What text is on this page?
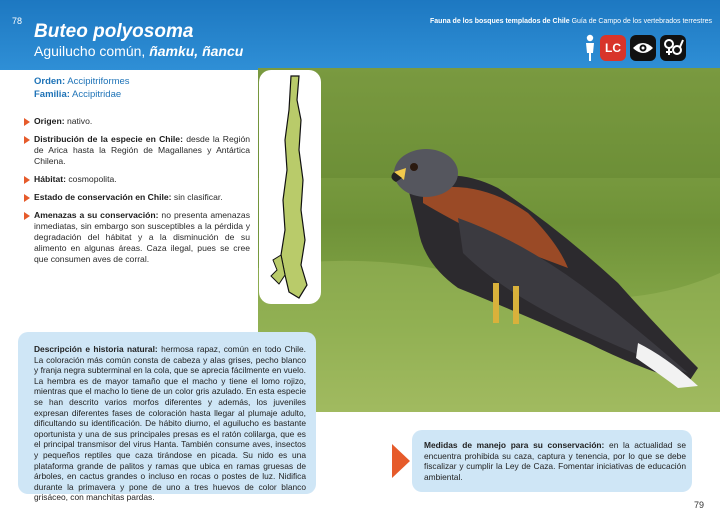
78 Buteo polyosoma
Aguilucho común, ñamku, ñancu
Fauna de los bosques templados de Chile Guía de Campo de los vertebrados terrestres
LC
Orden: Accipitriformes
Familia: Accipitridae
Origen: nativo.
Distribución de la especie en Chile: desde la Región de Arica hasta la Región de Magallanes y Antártica Chilena.
Hábitat: cosmopolita.
Estado de conservación en Chile: sin clasificar.
Amenazas a su conservación: no presenta amenazas inmediatas, sin embargo son susceptibles a la pérdida y degradación del hábitat y a la disminución de su alimento en algunas áreas. Caza ilegal, pues se cree que consumen aves de corral.
Descripción e historia natural: hermosa rapaz, común en todo Chile. La coloración más común consta de cabeza y alas grises, pecho blanco y franja negra subterminal en la cola, que se aprecia fácilmente en vuelo. La hembra es de mayor tamaño que el macho y tiene el lomo rojizo, mientras que el macho lo tiene de un color gris azulado. En esta especie se han descrito varios morfos diferentes y además, los juveniles expresan diferentes fases de coloración hasta llegar al plumaje adulto, dificultando su identificación. De hábito diurno, el aguilucho es bastante oportunista y una de sus principales presas es el ratón colilarga, que es el principal transmisor del virus Hanta. También consume aves, insectos y pequeños reptiles que caza tirándose en picada. Su nido es una plataforma grande de palitos y ramas que ubica en ramas gruesas de árboles, en cactus grandes o incluso en rocas o postes de luz. Nidifica durante la primavera y pone de uno a tres huevos de color blanco grisáceo, con manchitas pardas.
Medidas de manejo para su conservación: en la actualidad se encuentra prohibida su caza, captura y tenencia, por lo que se debe fiscalizar y cumplir la Ley de Caza. Fomentar iniciativas de educación ambiental.
79
